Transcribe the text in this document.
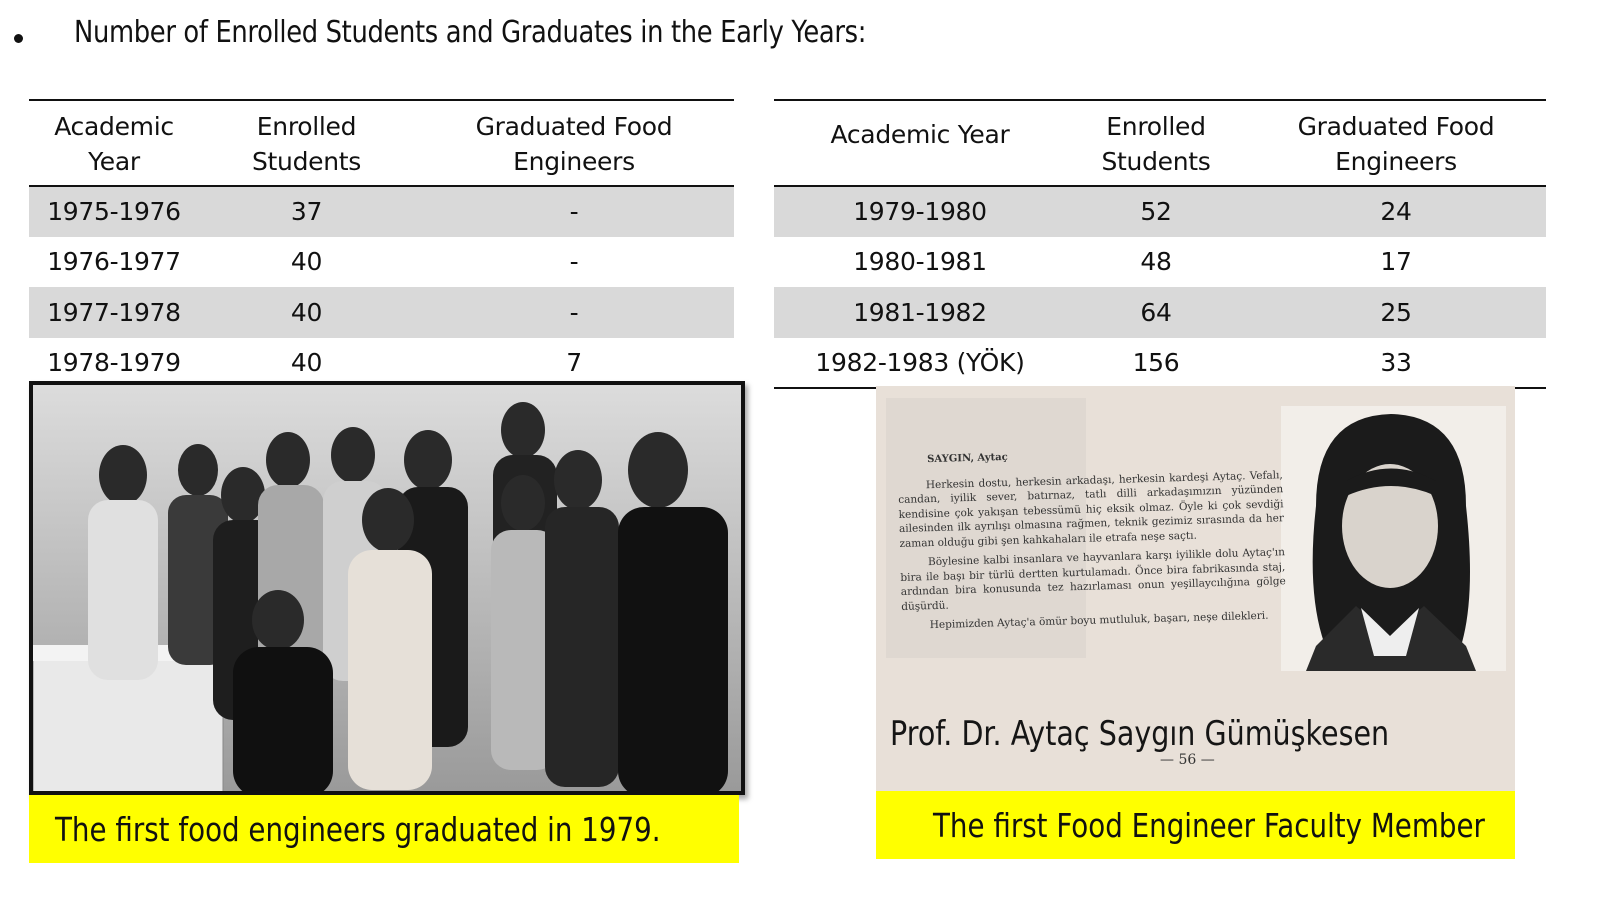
Number of Enrolled Students and Graduates in the Early Years:
Academic
Year	Enrolled
Students	Graduated Food
Engineers
1975-1976	37	-
1976-1977	40	-
1977-1978	40	-
1978-1979	40	7
Academic Year	Enrolled
Students	Graduated Food
Engineers
1979-1980	52	24
1980-1981	48	17
1981-1982	64	25
1982-1983 (YÖK)	156	33
SAYGIN, Aytaç

Herkesin dostu, herkesin arkadaşı, herkesin kardeşi Aytaç. Vefalı, candan, iyilik sever, batırnaz, tatlı dilli arkadaşımızın yüzünden kendisine çok yakışan tebessümü hiç eksik olmaz. Öyle ki çok sevdiği ailesinden ilk ayrılışı olmasına rağmen, teknik gezimiz sırasında da her zaman olduğu gibi şen kahkahaları ile etrafa neşe saçtı.

Böylesine kalbi insanlara ve hayvanlara karşı iyilikle dolu Aytaç'ın bira ile başı bir türlü dertten kurtulamadı. Önce bira fabrikasında staj, ardından bira konusunda tez hazırlaması onun yeşillaycılığına gölge düşürdü.

Hepimizden Aytaç'a ömür boyu mutluluk, başarı, neşe dilekleri.

Prof. Dr. Aytaç Saygın Gümüşkesen
— 56 —
The first food engineers graduated in 1979.	The first Food Engineer Faculty Member
